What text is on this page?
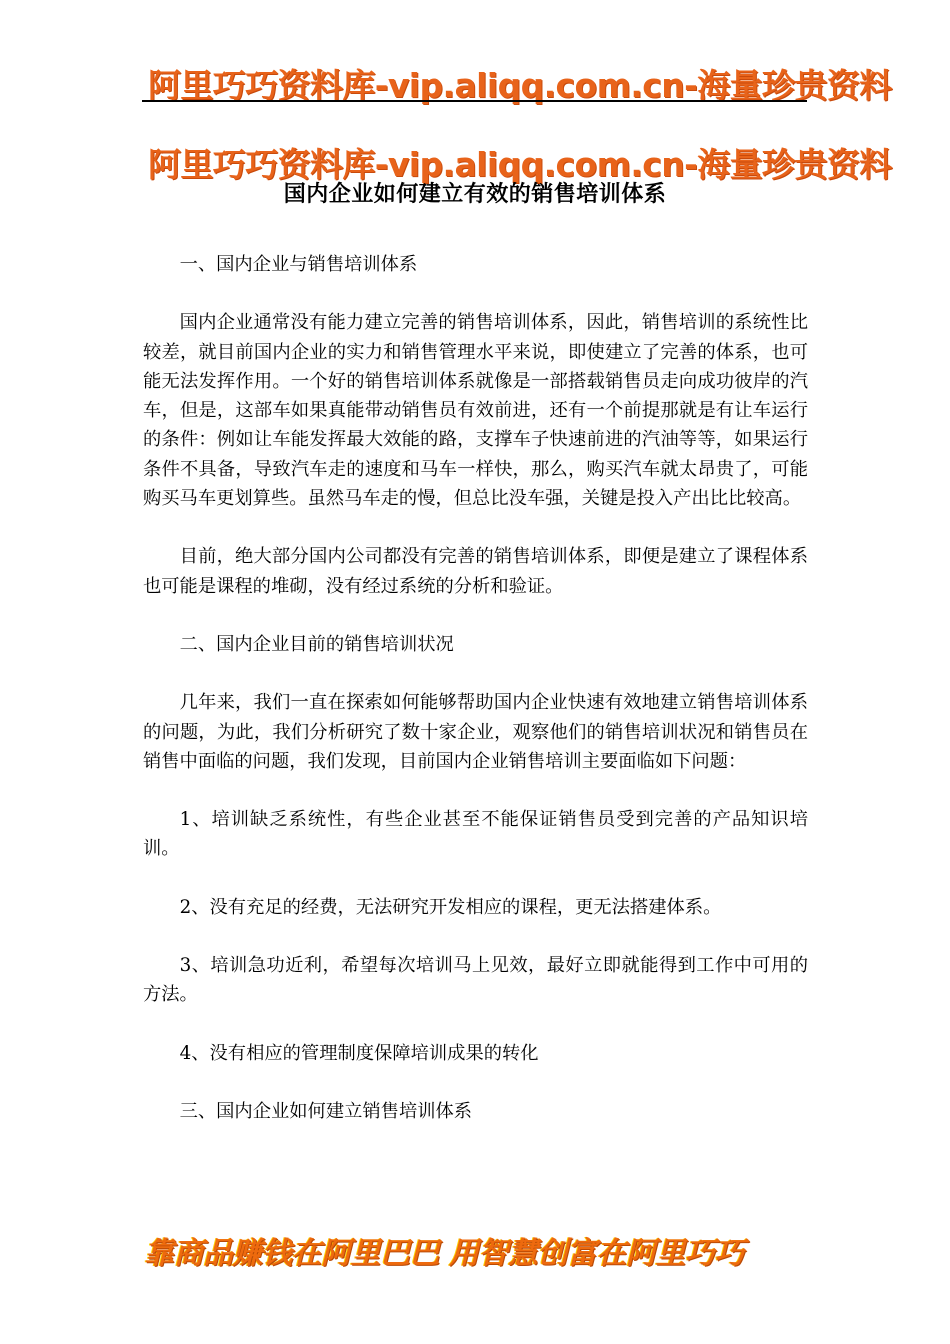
阿里巧巧资料库-vip.aliqq.com.cn-海量珍贵资料
阿里巧巧资料库-vip.aliqq.com.cn-海量珍贵资料
国内企业如何建立有效的销售培训体系

一、国内企业与销售培训体系

国内企业通常没有能力建立完善的销售培训体系，因此，销售培训的系统性比较差，就目前国内企业的实力和销售管理水平来说，即使建立了完善的体系，也可能无法发挥作用。一个好的销售培训体系就像是一部搭载销售员走向成功彼岸的汽车，但是，这部车如果真能带动销售员有效前进，还有一个前提那就是有让车运行的条件：例如让车能发挥最大效能的路，支撑车子快速前进的汽油等等，如果运行条件不具备，导致汽车走的速度和马车一样快，那么，购买汽车就太昂贵了，可能购买马车更划算些。虽然马车走的慢，但总比没车强，关键是投入产出比比较高。

目前，绝大部分国内公司都没有完善的销售培训体系，即便是建立了课程体系也可能是课程的堆砌，没有经过系统的分析和验证。

二、国内企业目前的销售培训状况

几年来，我们一直在探索如何能够帮助国内企业快速有效地建立销售培训体系的问题，为此，我们分析研究了数十家企业，观察他们的销售培训状况和销售员在销售中面临的问题，我们发现，目前国内企业销售培训主要面临如下问题：

1、培训缺乏系统性，有些企业甚至不能保证销售员受到完善的产品知识培训。

2、没有充足的经费，无法研究开发相应的课程，更无法搭建体系。

3、培训急功近利，希望每次培训马上见效，最好立即就能得到工作中可用的方法。

4、没有相应的管理制度保障培训成果的转化

三、国内企业如何建立销售培训体系

靠商品赚钱在阿里巴巴 用智慧创富在阿里巧巧
